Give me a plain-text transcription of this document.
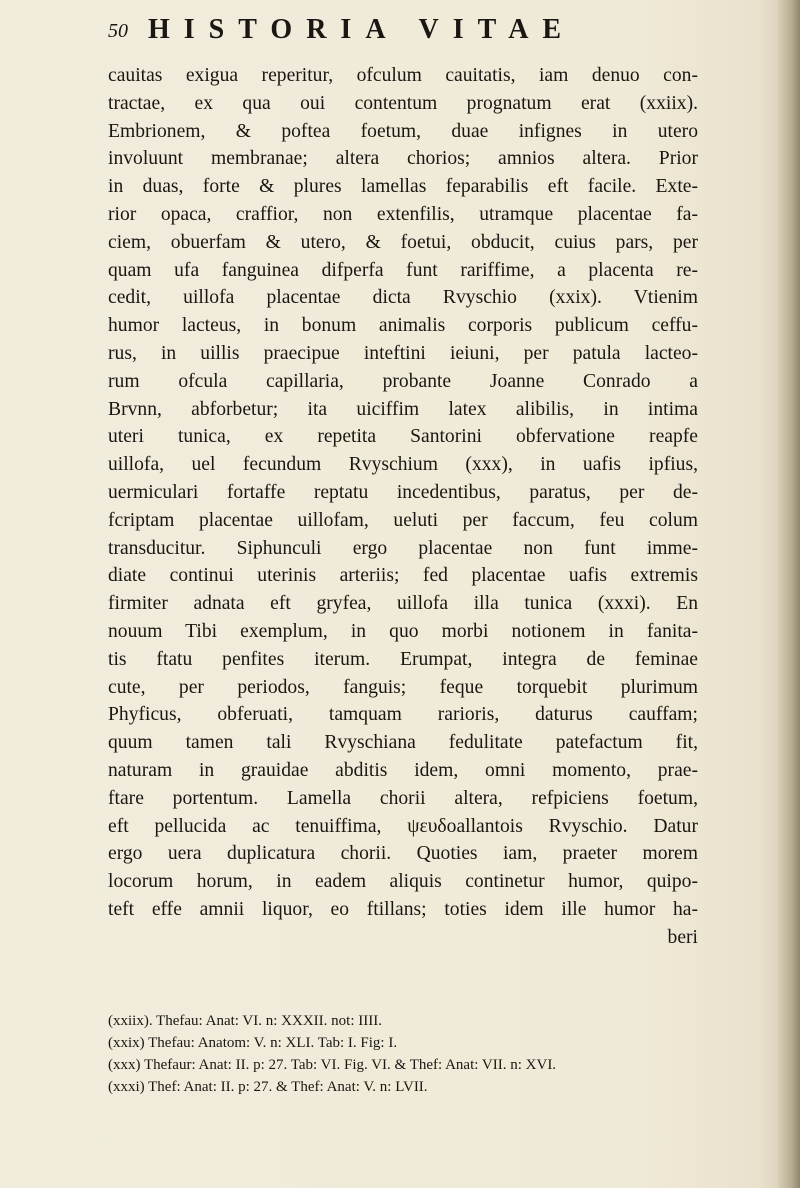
50 HISTORIA VITAE
cauitas exigua reperitur, ofculum cauitatis, iam denuo con-
tractae, ex qua oui contentum prognatum erat (xxiix).
Embrionem, & poftea foetum, duae infignes in utero
involuunt membranae; altera chorios; amnios altera. Prior
in duas, forte & plures lamellas feparabilis eft facile. Exte-
rior opaca, craffior, non extenfilis, utramque placentae fa-
ciem, obuerfam & utero, & foetui, obducit, cuius pars, per
quam ufa fanguinea difperfa funt rariffime, a placenta re-
cedit, uillofa placentae dicta Rvyschio (xxix). Vtienim
humor lacteus, in bonum animalis corporis publicum ceffu-
rus, in uillis praecipue inteftini ieiuni, per patula lacteo-
rum ofcula capillaria, probante Joanne Conrado a
Brvnn, abforbetur; ita uiciffim latex alibilis, in intima
uteri tunica, ex repetita Santorini obfervatione reapfe
uillofa, uel fecundum Rvyschium (xxx), in uafis ipfius,
uermiculari fortaffe reptatu incedentibus, paratus, per de-
fcriptam placentae uillofam, ueluti per faccum, feu colum
transducitur. Siphunculi ergo placentae non funt imme-
diate continui uterinis arteriis; fed placentae uafis extremis
firmiter adnata eft gryfea, uillofa illa tunica (xxxi). En
nouum Tibi exemplum, in quo morbi notionem in fanita-
tis ftatu penfites iterum. Erumpat, integra de feminae
cute, per periodos, fanguis; feque torquebit plurimum
Phyficus, obferuati, tamquam rarioris, daturus cauffam;
quum tamen tali Rvyschiana fedulitate patefactum fit,
naturam in grauidae abditis idem, omni momento, prae-
ftare portentum. Lamella chorii altera, refpiciens foetum,
eft pellucida ac tenuiffima, ψευδοallantois Rvyschio. Datur
ergo uera duplicatura chorii. Quoties iam, praeter morem
locorum horum, in eadem aliquis continetur humor, quipo-
teft effe amnii liquor, eo ftillans; toties idem ille humor ha-
beri
(xxiix). Thefau: Anat: VI. n: XXXII. not: IIII.
(xxix) Thefau: Anatom: V. n: XLI. Tab: I. Fig: I.
(xxx) Thefaur: Anat: II. p: 27. Tab: VI. Fig. VI. & Thef: Anat: VII. n: XVI.
(xxxi) Thef: Anat: II. p: 27. & Thef: Anat: V. n: LVII.
